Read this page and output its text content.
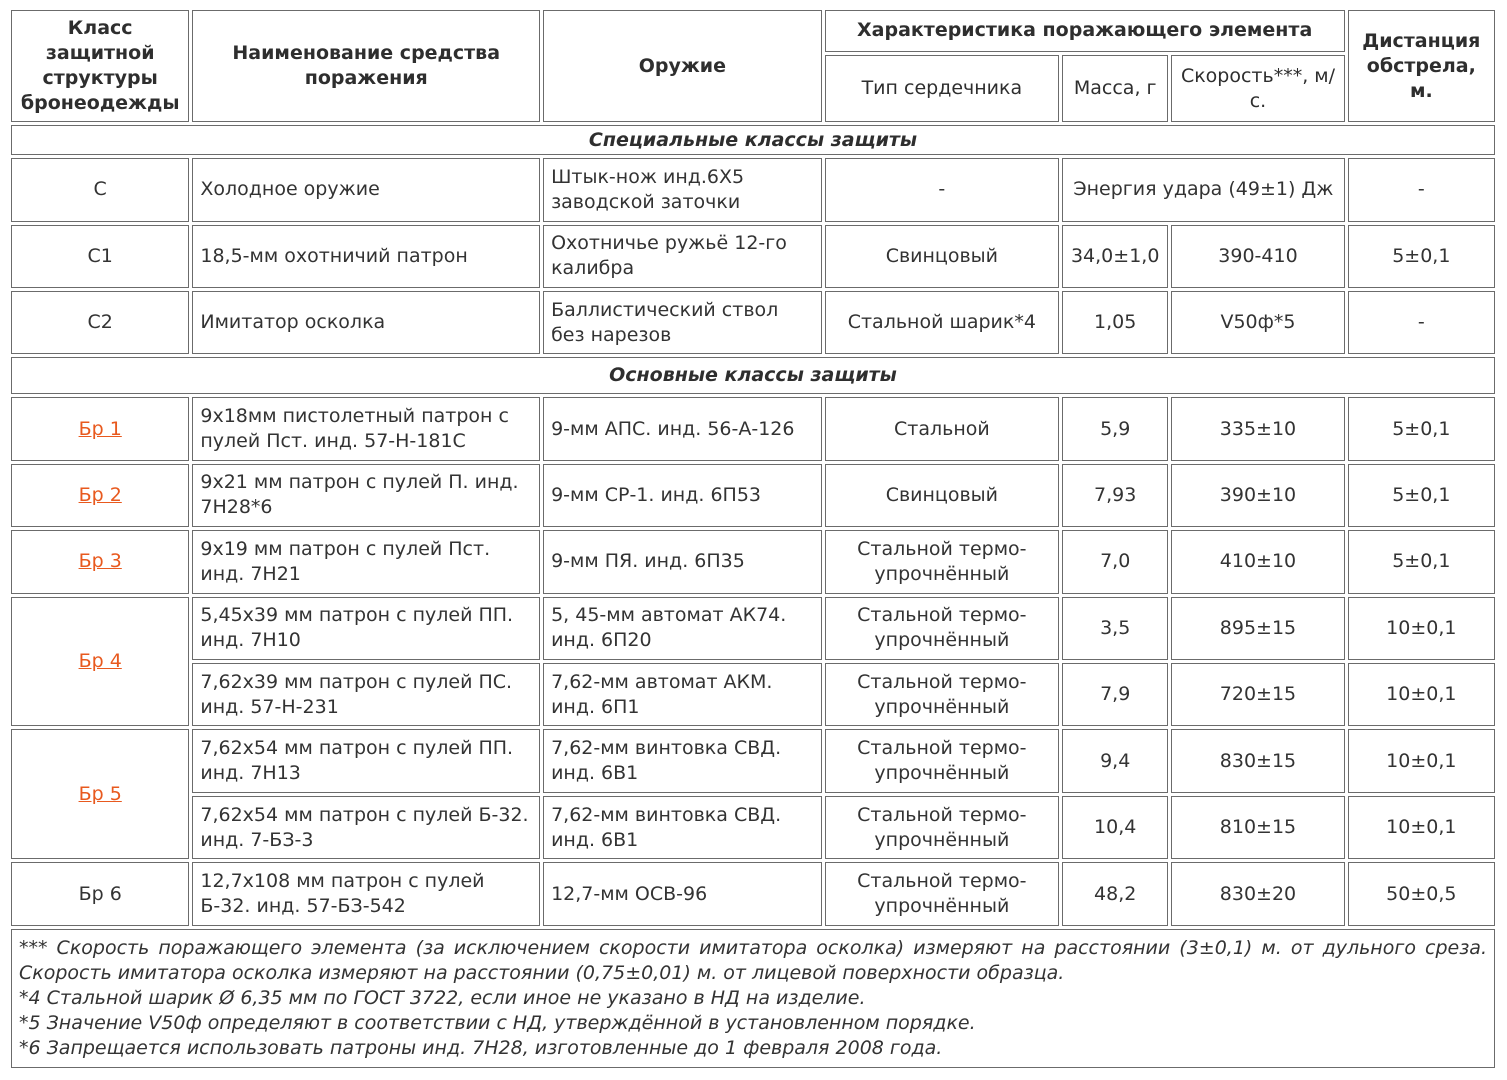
Класс защитной структуры бронеодежды	Наименование средства поражения	Оружие	Характеристика поражающего элемента			Дистанция обстрела, м.
			Тип сердечника	Масса, г	Скорость***, м/с.	
Специальные классы защиты						
С	Холодное оружие	Штык-нож инд.6Х5 заводской заточки	-	Энергия удара (49±1) Дж		-
С1	18,5-мм охотничий патрон	Охотничье ружьё 12-го калибра	Свинцовый	34,0±1,0	390-410	5±0,1
С2	Имитатор осколка	Баллистический ствол без нарезов	Стальной шарик*4	1,05	V50ф*5	-
Основные классы защиты						
Бр 1	9х18мм пистолетный патрон с пулей Пст. инд. 57-Н-181С	9-мм АПС. инд. 56-А-126	Стальной	5,9	335±10	5±0,1
Бр 2	9х21 мм патрон с пулей П. инд. 7Н28*6	9-мм СР-1. инд. 6П53	Свинцовый	7,93	390±10	5±0,1
Бр 3	9х19 мм патрон с пулей Пст. инд. 7Н21	9-мм ПЯ. инд. 6П35	Стальной термо-упрочнённый	7,0	410±10	5±0,1
Бр 4	5,45х39 мм патрон с пулей ПП. инд. 7Н10	5, 45-мм автомат АК74. инд. 6П20	Стальной термо-упрочнённый	3,5	895±15	10±0,1
	7,62х39 мм патрон с пулей ПС. инд. 57-Н-231	7,62-мм автомат АКМ. инд. 6П1	Стальной термо-упрочнённый	7,9	720±15	10±0,1
Бр 5	7,62х54 мм патрон с пулей ПП. инд. 7Н13	7,62-мм винтовка СВД. инд. 6В1	Стальной термо-упрочнённый	9,4	830±15	10±0,1
	7,62х54 мм патрон с пулей Б-32. инд. 7-БЗ-3	7,62-мм винтовка СВД. инд. 6В1	Стальной термо-упрочнённый	10,4	810±15	10±0,1
Бр 6	12,7х108 мм патрон с пулей Б-32. инд. 57-БЗ-542	12,7-мм ОСВ-96	Стальной термо-упрочнённый	48,2	830±20	50±0,5

*** Скорость поражающего элемента (за исключением скорости имитатора осколка) измеряют на расстоянии (3±0,1) м. от дульного среза.
Скорость имитатора осколка измеряют на расстоянии (0,75±0,01) м. от лицевой поверхности образца.
*4 Стальной шарик Ø 6,35 мм по ГОСТ 3722, если иное не указано в НД на изделие.
*5 Значение V50ф определяют в соответствии с НД, утверждённой в установленном порядке.
*6 Запрещается использовать патроны инд. 7Н28, изготовленные до 1 февраля 2008 года.						
